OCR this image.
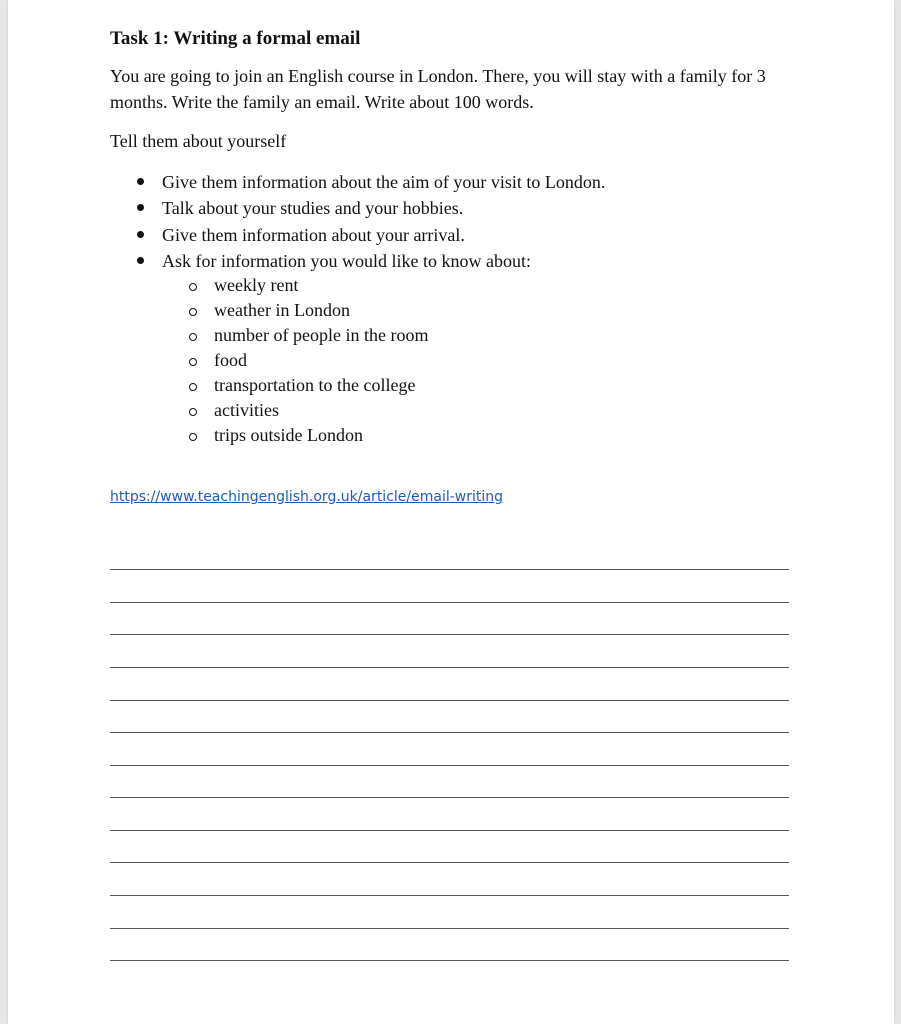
Task 1: Writing a formal email

You are going to join an English course in London. There, you will stay with a family for 3 months. Write the family an email. Write about 100 words.

Tell them about yourself
Give them information about the aim of your visit to London.
Talk about your studies and your hobbies.
Give them information about your arrival.
Ask for information you would like to know about:
weekly rent
weather in London
number of people in the room
food
transportation to the college
activities
trips outside London
https://www.teachingenglish.org.uk/article/email-writing
